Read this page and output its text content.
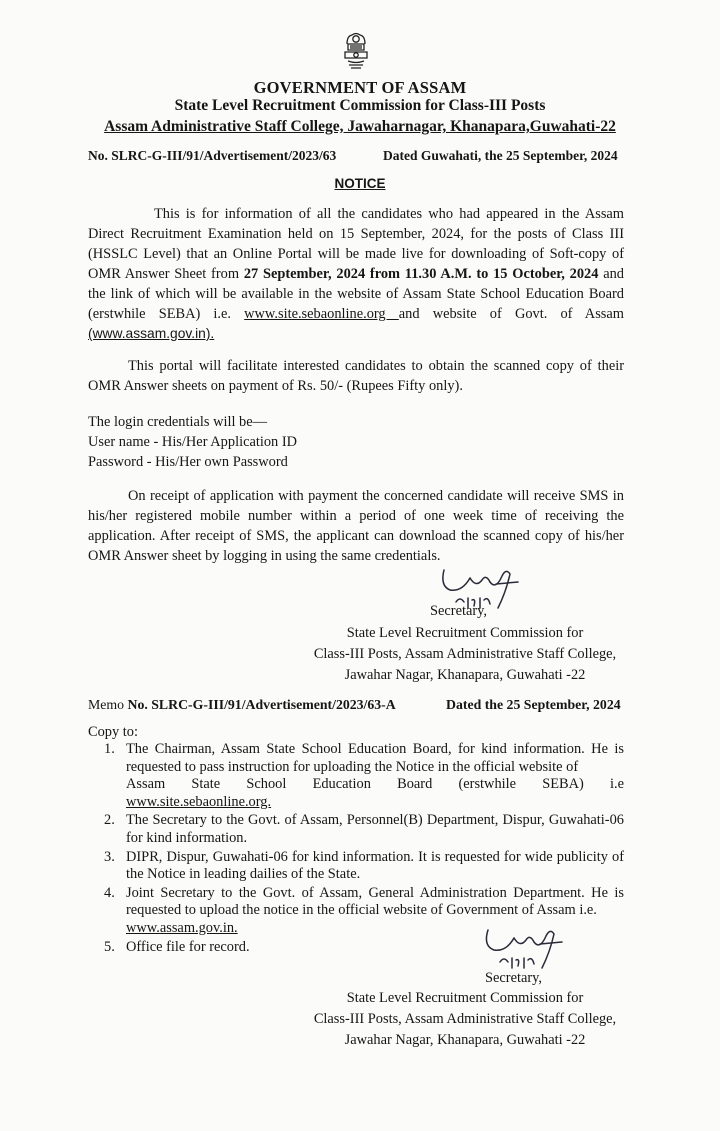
GOVERNMENT OF ASSAM
State Level Recruitment Commission for Class-III Posts
Assam Administrative Staff College, Jawaharnagar, Khanapara,Guwahati-22
No. SLRC-G-III/91/Advertisement/2023/63	Dated Guwahati, the 25 September, 2024
NOTICE
This is for information of all the candidates who had appeared in the Assam Direct Recruitment Examination held on 15 September, 2024, for the posts of Class III (HSSLC Level) that an Online Portal will be made live for downloading of Soft-copy of OMR Answer Sheet from 27 September, 2024 from 11.30 A.M. to 15 October, 2024 and the link of which will be available in the website of Assam State School Education Board (erstwhile SEBA) i.e. www.site.sebaonline.org and website of Govt. of Assam (www.assam.gov.in).
This portal will facilitate interested candidates to obtain the scanned copy of their OMR Answer sheets on payment of Rs. 50/- (Rupees Fifty only).
The login credentials will be—
User name - His/Her Application ID
Password - His/Her own Password
On receipt of application with payment the concerned candidate will receive SMS in his/her registered mobile number within a period of one week time of receiving the application. After receipt of SMS, the applicant can download the scanned copy of his/her OMR Answer sheet by logging in using the same credentials.
Secretary,
State Level Recruitment Commission for
Class-III Posts, Assam Administrative Staff College,
Jawahar Nagar, Khanapara, Guwahati -22
Memo No. SLRC-G-III/91/Advertisement/2023/63-A	Dated the 25 September, 2024
Copy to:
1. The Chairman, Assam State School Education Board, for kind information. He is requested to pass instruction for uploading the Notice in the official website of
Assam State School Education Board (erstwhile SEBA) i.e
www.site.sebaonline.org.
2. The Secretary to the Govt. of Assam, Personnel(B) Department, Dispur, Guwahati-06 for kind information.
3. DIPR, Dispur, Guwahati-06 for kind information. It is requested for wide publicity of the Notice in leading dailies of the State.
4. Joint Secretary to the Govt. of Assam, General Administration Department. He is requested to upload the notice in the official website of Government of Assam i.e.
www.assam.gov.in.
5. Office file for record.
Secretary,
State Level Recruitment Commission for
Class-III Posts, Assam Administrative Staff College,
Jawahar Nagar, Khanapara, Guwahati -22
